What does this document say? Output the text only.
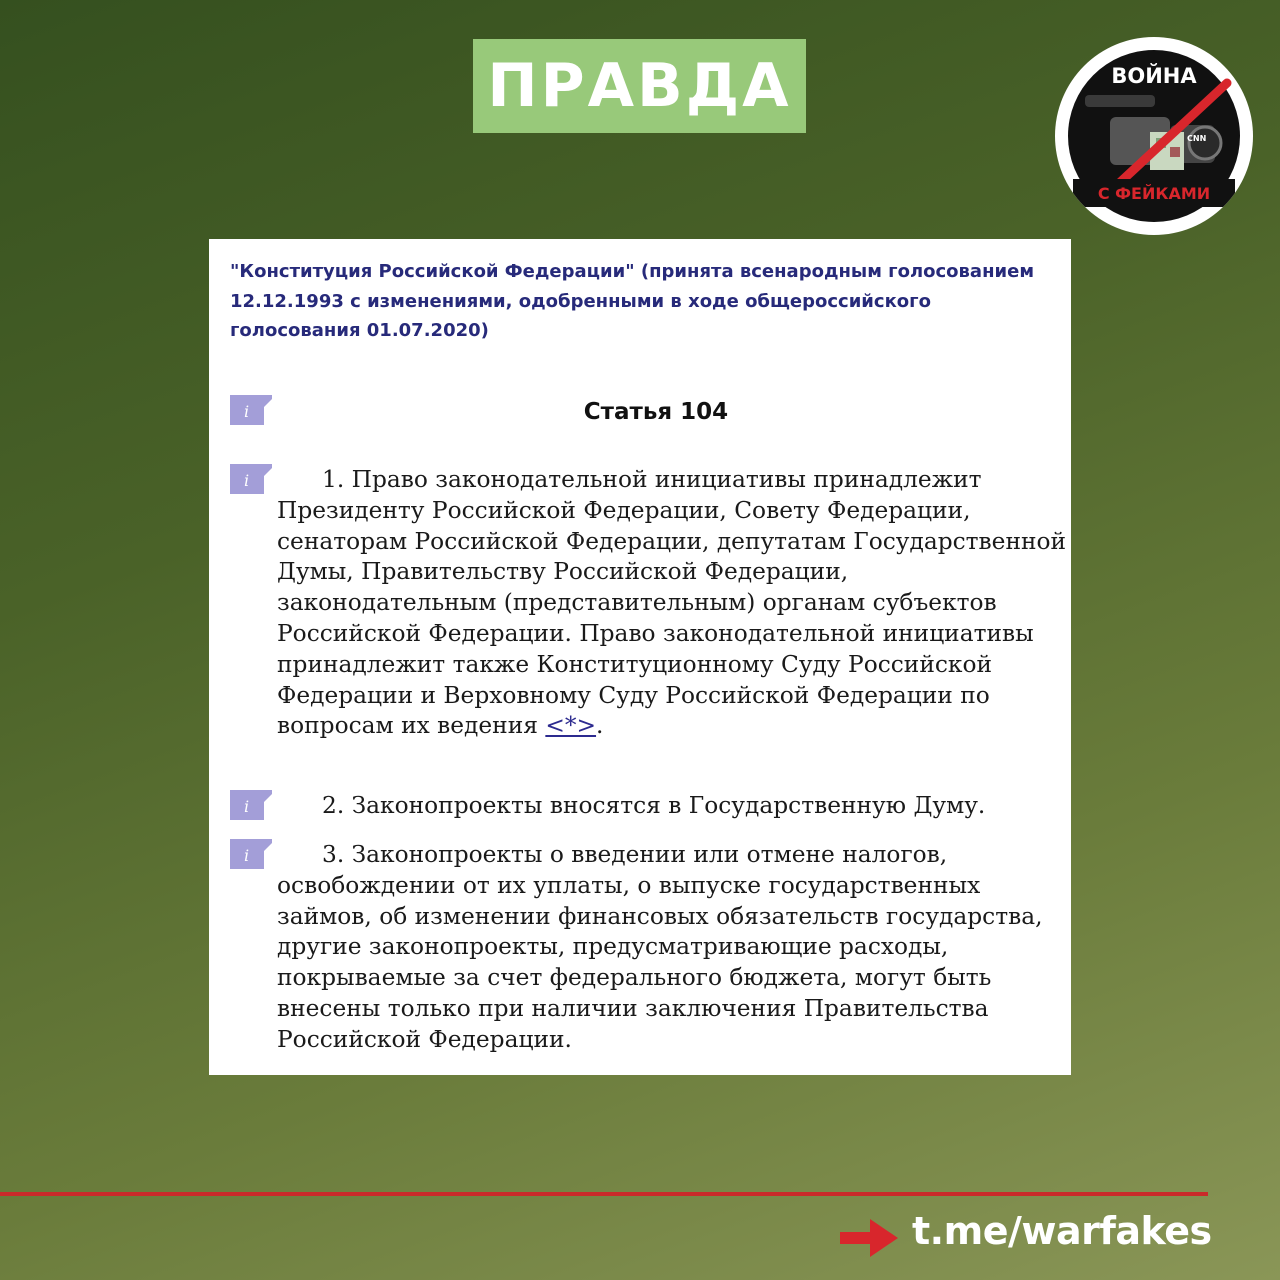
ПРАВДА
CNN
ВОЙНА
С ФЕЙКАМИ
"Конституция Российской Федерации" (принята всенародным голосованием 12.12.1993 с изменениями, одобренными в ходе общероссийского голосования 01.07.2020)
i	Статья 104
i	1. Право законодательной инициативы принадлежит Президенту Российской Федерации, Совету Федерации, сенаторам Российской Федерации, депутатам Государственной Думы, Правительству Российской Федерации, законодательным (представительным) органам субъектов Российской Федерации. Право законодательной инициативы принадлежит также Конституционному Суду Российской Федерации и Верховному Суду Российской Федерации по вопросам их ведения <*>.

i	2. Законопроекты вносятся в Государственную Думу.

i	3. Законопроекты о введении или отмене налогов, освобождении от их уплаты, о выпуске государственных займов, об изменении финансовых обязательств государства, другие законопроекты, предусматривающие расходы, покрываемые за счет федерального бюджета, могут быть внесены только при наличии заключения Правительства Российской Федерации.

t.me/warfakes
